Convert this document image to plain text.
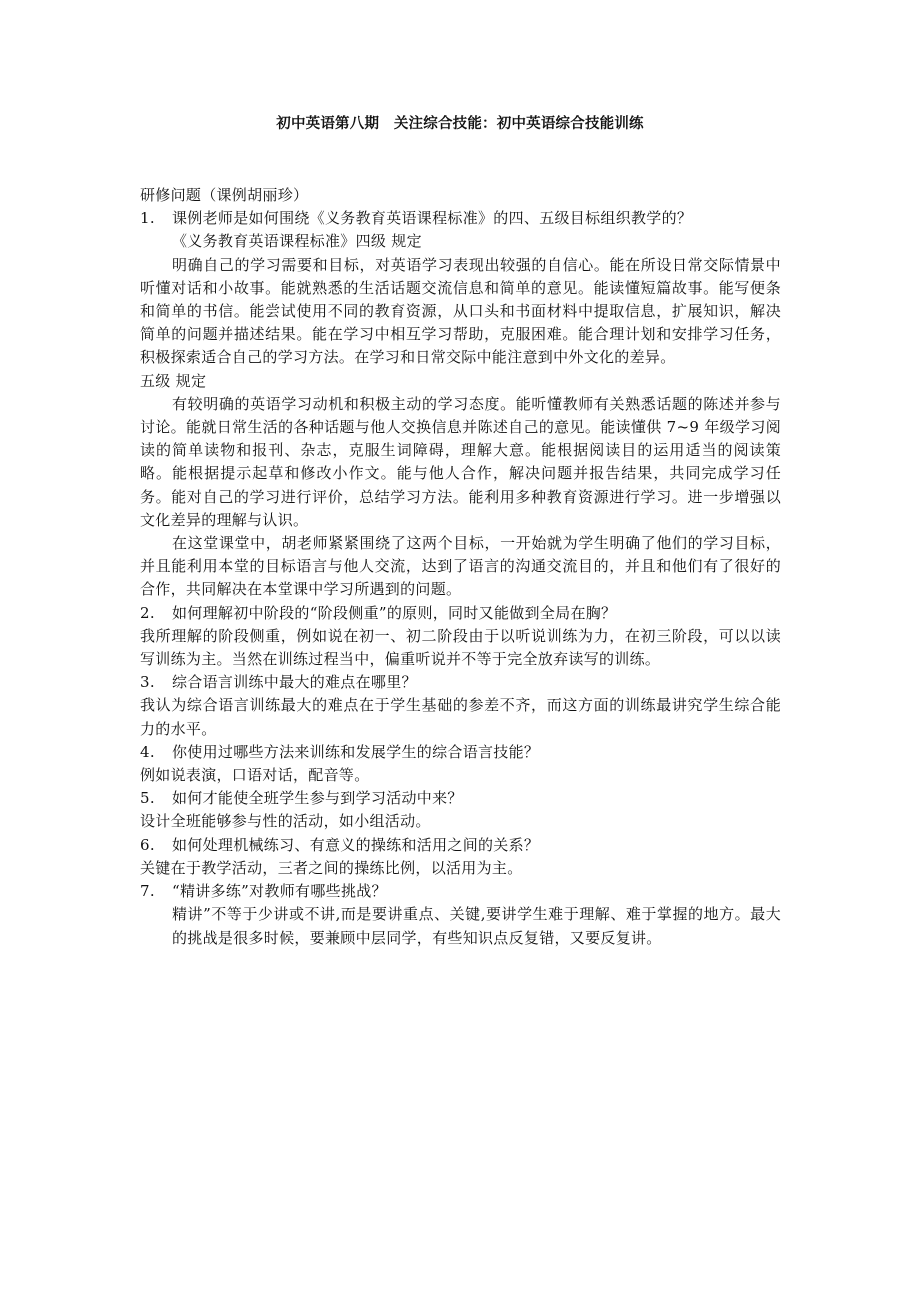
初中英语第八期　关注综合技能：初中英语综合技能训练

研修问题（课例胡丽珍）

1.	课例老师是如何围绕《义务教育英语课程标准》的四、五级目标组织教学的？

《义务教育英语课程标准》四级 规定

明确自己的学习需要和目标，对英语学习表现出较强的自信心。能在所设日常交际情景中听懂对话和小故事。能就熟悉的生活话题交流信息和简单的意见。能读懂短篇故事。能写便条和简单的书信。能尝试使用不同的教育资源，从口头和书面材料中提取信息，扩展知识，解决简单的问题并描述结果。能在学习中相互学习帮助，克服困难。能合理计划和安排学习任务，积极探索适合自己的学习方法。在学习和日常交际中能注意到中外文化的差异。

五级 规定

有较明确的英语学习动机和积极主动的学习态度。能听懂教师有关熟悉话题的陈述并参与讨论。能就日常生活的各种话题与他人交换信息并陈述自己的意见。能读懂供 7~9 年级学习阅读的简单读物和报刊、杂志，克服生词障碍，理解大意。能根据阅读目的运用适当的阅读策略。能根据提示起草和修改小作文。能与他人合作，解决问题并报告结果，共同完成学习任务。能对自己的学习进行评价，总结学习方法。能利用多种教育资源进行学习。进一步增强以文化差异的理解与认识。

在这堂课堂中，胡老师紧紧围绕了这两个目标，一开始就为学生明确了他们的学习目标，并且能利用本堂的目标语言与他人交流，达到了语言的沟通交流目的，并且和他们有了很好的合作，共同解决在本堂课中学习所遇到的问题。

2.	如何理解初中阶段的“阶段侧重”的原则，同时又能做到全局在胸？

我所理解的阶段侧重，例如说在初一、初二阶段由于以听说训练为力，在初三阶段，可以以读写训练为主。当然在训练过程当中，偏重听说并不等于完全放弃读写的训练。

3.	综合语言训练中最大的难点在哪里？

我认为综合语言训练最大的难点在于学生基础的参差不齐，而这方面的训练最讲究学生综合能力的水平。

4.	你使用过哪些方法来训练和发展学生的综合语言技能？

例如说表演，口语对话，配音等。

5.	如何才能使全班学生参与到学习活动中来？

设计全班能够参与性的活动，如小组活动。

6.	如何处理机械练习、有意义的操练和活用之间的关系？

关键在于教学活动，三者之间的操练比例，以活用为主。

7.	“精讲多练”对教师有哪些挑战？

精讲”不等于少讲或不讲,而是要讲重点、关键,要讲学生难于理解、难于掌握的地方。最大的挑战是很多时候，要兼顾中层同学，有些知识点反复错，又要反复讲。
